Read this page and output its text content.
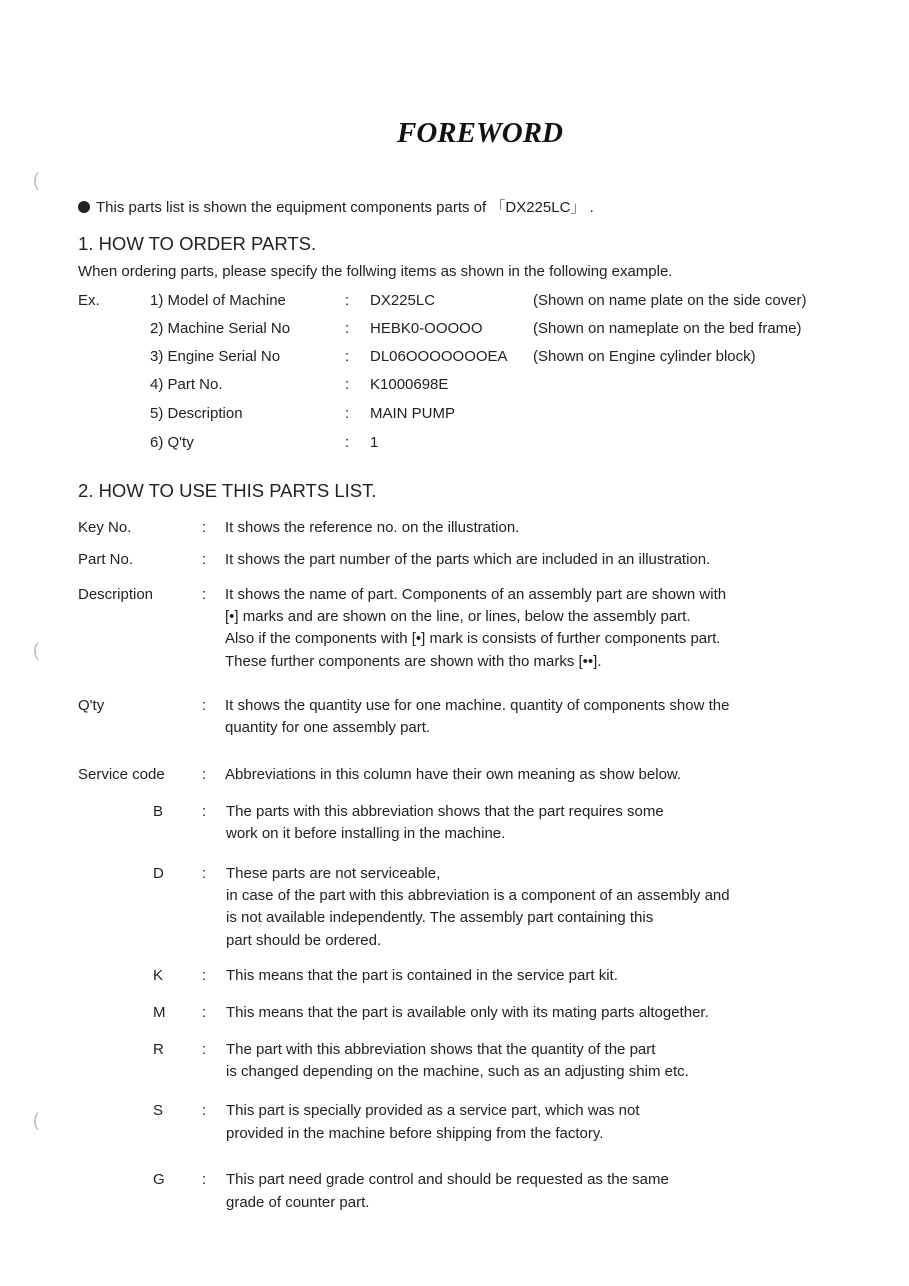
(
(
(
FOREWORD
This parts list is shown the equipment components parts of 「DX225LC」 .
1. HOW TO ORDER PARTS.
When ordering parts, please specify the follwing items as shown in the following example.
Ex.	1) Model of Machine	: DX225LC	(Shown on name plate on the side cover)
2) Machine Serial No	: HEBK0-OOOOO	(Shown on nameplate on the bed frame)
3) Engine Serial No	: DL06OOOOOOOEA (Shown on Engine cylinder block)
4) Part No.	: K1000698E
5) Description	: MAIN PUMP
6) Q'ty	: 1
2. HOW TO USE THIS PARTS LIST.
Key No.	: It shows the reference no. on the illustration.
Part No.	: It shows the part number of the parts which are included in an illustration.
Description	: It shows the name of part. Components of an assembly part are shown with
[•] marks and are shown on the line, or lines, below the assembly part.
Also if the components with [•] mark is consists of further components part.
These further components are shown with tho marks [••].
Q'ty	: It shows the quantity use for one machine. quantity of components show the
quantity for one assembly part.
Service code : Abbreviations in this column have their own meaning as show below.
B	: The parts with this abbreviation shows that the part requires some
work on it before installing in the machine.
D	: These parts are not serviceable,
in case of the part with this abbreviation is a component of an assembly and
is not available independently. The assembly part containing this
part should be ordered.
K	: This means that the part is contained in the service part kit.
M : This means that the part is available only with its mating parts altogether.
R	: The part with this abbreviation shows that the quantity of the part
is changed depending on the machine, such as an adjusting shim etc.
S	: This part is specially provided as a service part, which was not
provided in the machine before shipping from the factory.
G : This part need grade control and should be requested as the same
grade of counter part.
